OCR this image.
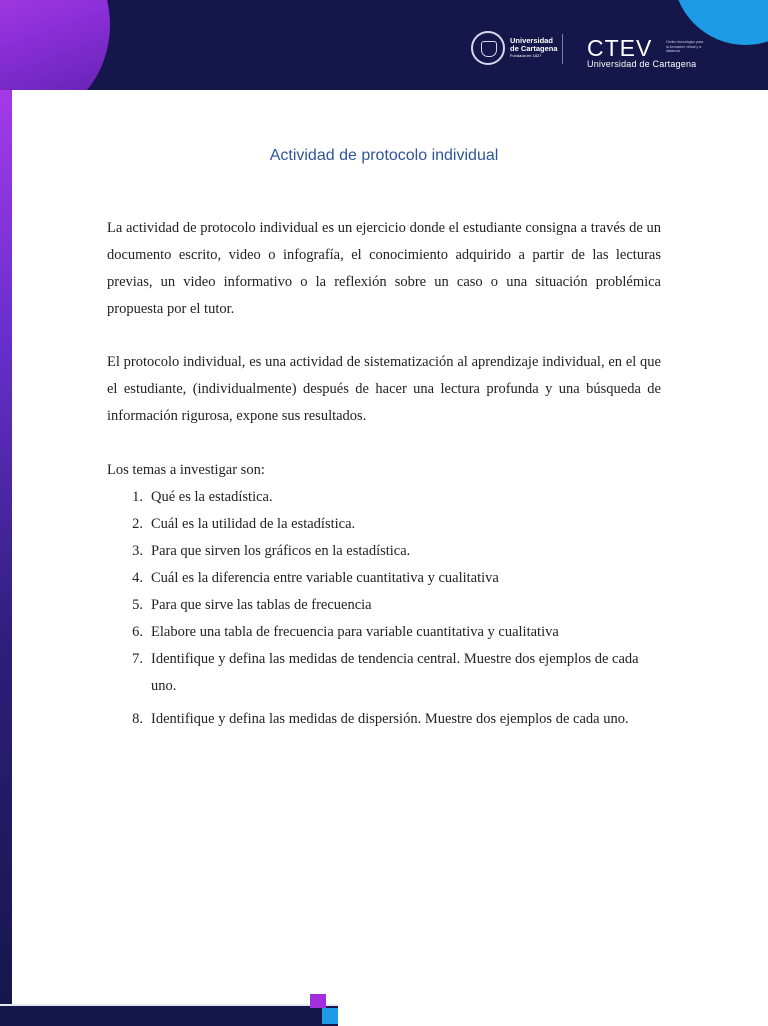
Universidad
de Cartagena
Fundada en 1827	CTEV
Universidad de Cartagena
Centro tecnológico para la formación virtual y a distancia
Actividad de protocolo individual

La actividad de protocolo individual es un ejercicio donde el estudiante consigna a través de un documento escrito, video o infografía, el conocimiento adquirido a partir de las lecturas previas, un video informativo o la reflexión sobre un caso o una situación problémica propuesta por el tutor.

El protocolo individual, es una actividad de sistematización al aprendizaje individual, en el que el estudiante, (individualmente) después de hacer una lectura profunda y una búsqueda de información rigurosa, expone sus resultados.

Los temas a investigar son:

1. Qué es la estadística.
2. Cuál es la utilidad de la estadística.
3. Para que sirven los gráficos en la estadística.
4. Cuál es la diferencia entre variable cuantitativa y cualitativa
5. Para que sirve las tablas de frecuencia
6. Elabore una tabla de frecuencia para variable cuantitativa y cualitativa
7. Identifique y defina las medidas de tendencia central. Muestre dos ejemplos de cada uno.
8. Identifique y defina las medidas de dispersión. Muestre dos ejemplos de cada uno.
